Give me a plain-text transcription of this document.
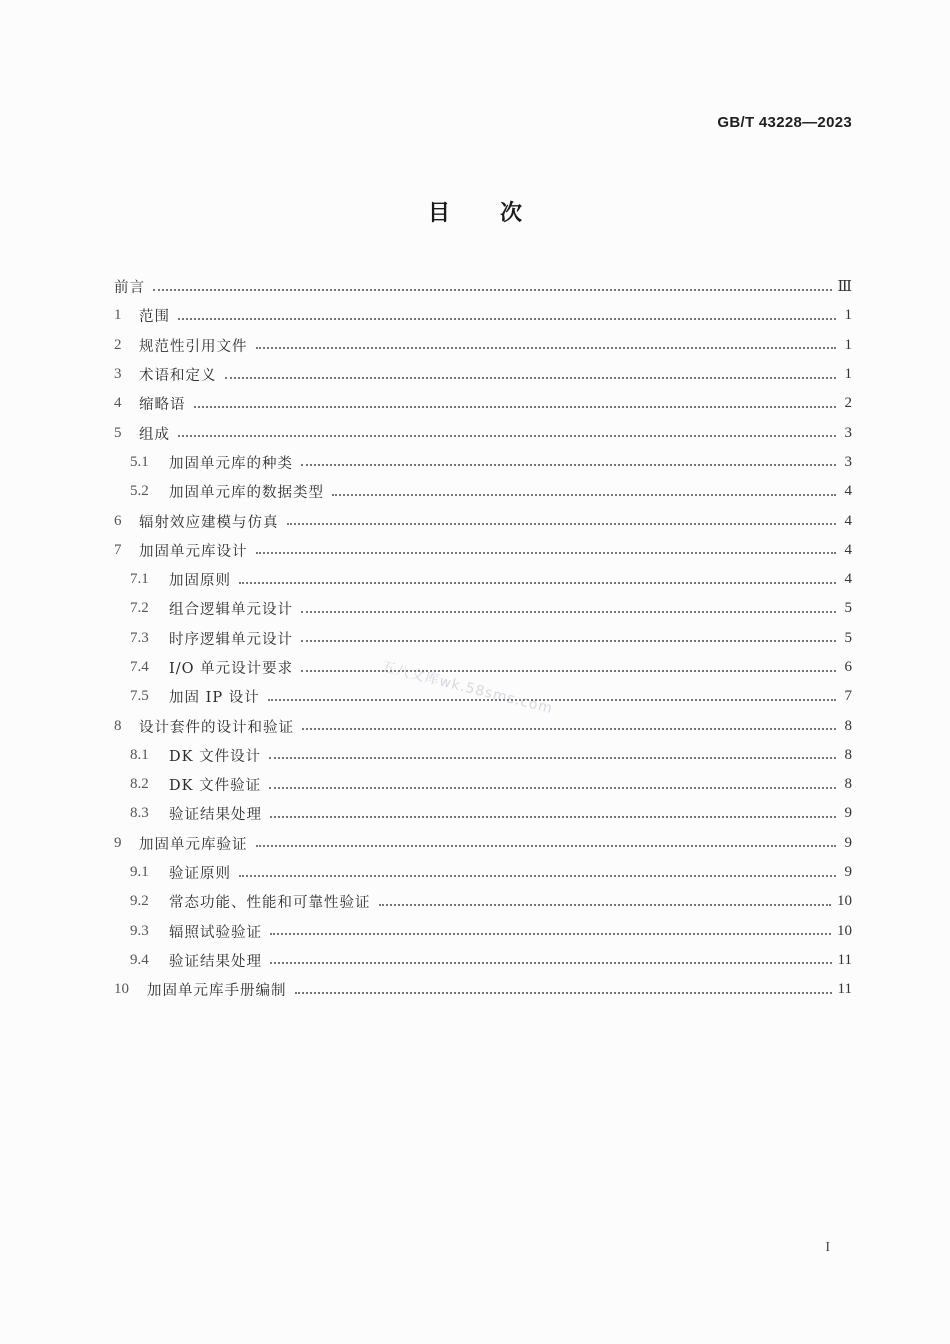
GB/T 43228—2023
目次
前言	Ⅲ
1	范围	1
2	规范性引用文件	1
3	术语和定义	1
4	缩略语	2
5	组成	3
5.1	加固单元库的种类	3
5.2	加固单元库的数据类型	4
6	辐射效应建模与仿真	4
7	加固单元库设计	4
7.1	加固原则	4
7.2	组合逻辑单元设计	5
7.3	时序逻辑单元设计	5
7.4	I/O 单元设计要求	6
7.5	加固 IP 设计	7
8	设计套件的设计和验证	8
8.1	DK 文件设计	8
8.2	DK 文件验证	8
8.3	验证结果处理	9
9	加固单元库验证	9
9.1	验证原则	9
9.2	常态功能、性能和可靠性验证	10
9.3	辐照试验验证	10
9.4	验证结果处理	11
10	加固单元库手册编制	11
五八文库wk.58sms.com
I
